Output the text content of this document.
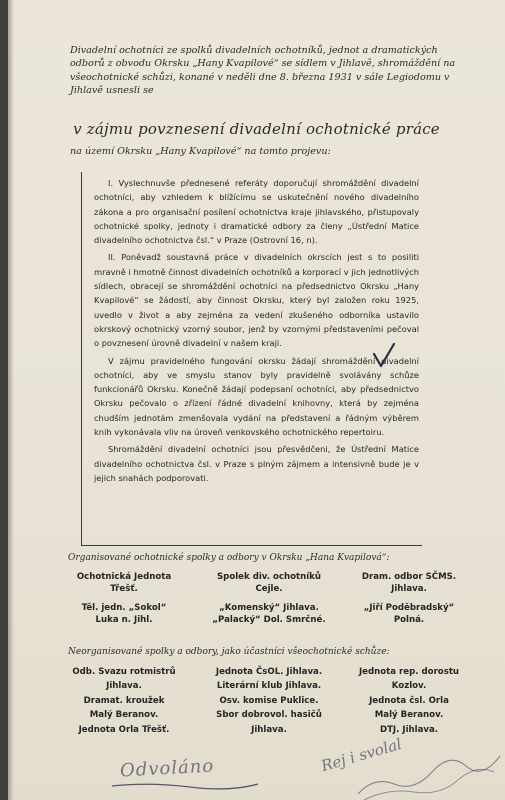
Divadelní ochotníci ze spolků divadelních ochotníků, jednot a dramatických odborů z obvodu Okrsku „Hany Kvapilové“ se sídlem v Jihlavě, shromáždění na všeochotnické schůzi, konané v neděli dne 8. března 1931 v sále Legiodomu v Jihlavě usnesli se
v zájmu povznesení divadelní ochotnické práce
na území Okrsku „Hany Kvapilové“ na tomto projevu:

I. Vyslechnuvše přednesené referáty doporučují shromáždění divadelní ochotníci, aby vzhledem k blížícímu se uskutečnění nového divadelního zákona a pro organisační posílení ochotnictva kraje jihlavského, přistupovaly ochotnické spolky, jednoty i dramatické odbory za členy „Ústřední Matice divadelního ochotnictva čsl.“ v Praze (Ostrovní 16, n).

II. Poněvadž soustavná práce v divadelních okrscích jest s to posiliti mravně i hmotně činnost divadelních ochotníků a korporací v jich jednotlivých sídlech, obracejí se shromáždění ochotníci na předsednictvo Okrsku „Hany Kvapilové“ se žádostí, aby činnost Okrsku, který byl založen roku 1925, uvedlo v život a aby zejména za vedení zkušeného odborníka ustavilo okrskový ochotnický vzorný soubor, jenž by vzornými představeními pečoval o povznesení úrovně divadelní v našem kraji.

V zájmu pravidelného fungování okrsku žádají shromáždění divadelní ochotníci, aby ve smyslu stanov byly pravidelně svolávány schůze funkcionářů Okrsku. Konečně žádají podepsaní ochotníci, aby předsednictvo Okrsku pečovalo o zřízení řádné divadelní knihovny, která by zejména chudším jednotám zmenšovala vydání na představení a řádným výběrem knih vykonávala vliv na úroveň venkovského ochotnického repertoiru.

Shromáždění divadelní ochotníci jsou přesvědčeni, že Ústřední Matice divadelního ochotnictva čsl. v Praze s plným zájmem a intensivně bude je v jejich snahách podporovati.

Organisované ochotnické spolky a odbory v Okrsku „Hana Kvapilová“:
Ochotnická Jednota
Třešť.
Spolek div. ochotníků
Cejle.
Dram. odbor SČMS.
Jihlava.
Těl. jedn. „Sokol“
Luka n. Jihl.
„Komenský“ Jihlava.
„Palacký“ Dol. Smrčné.
„Jiří Poděbradský“
Polná.
Neorganisované spolky a odbory, jako účastníci všeochotnické schůze:
Odb. Svazu rotmistrů
Jihlava.
Dramat. kroužek
Malý Beranov.
Jednota Orla Třešť.
Jednota ČsOL. Jihlava.
Literární klub Jihlava.
Osv. komise Puklice.
Sbor dobrovol. hasičů
Jihlava.
Jednota rep. dorostu
Kozlov.
Jednota čsl. Orla
Malý Beranov.
DTJ. Jihlava.
Odvoláno	Rej i svolal
